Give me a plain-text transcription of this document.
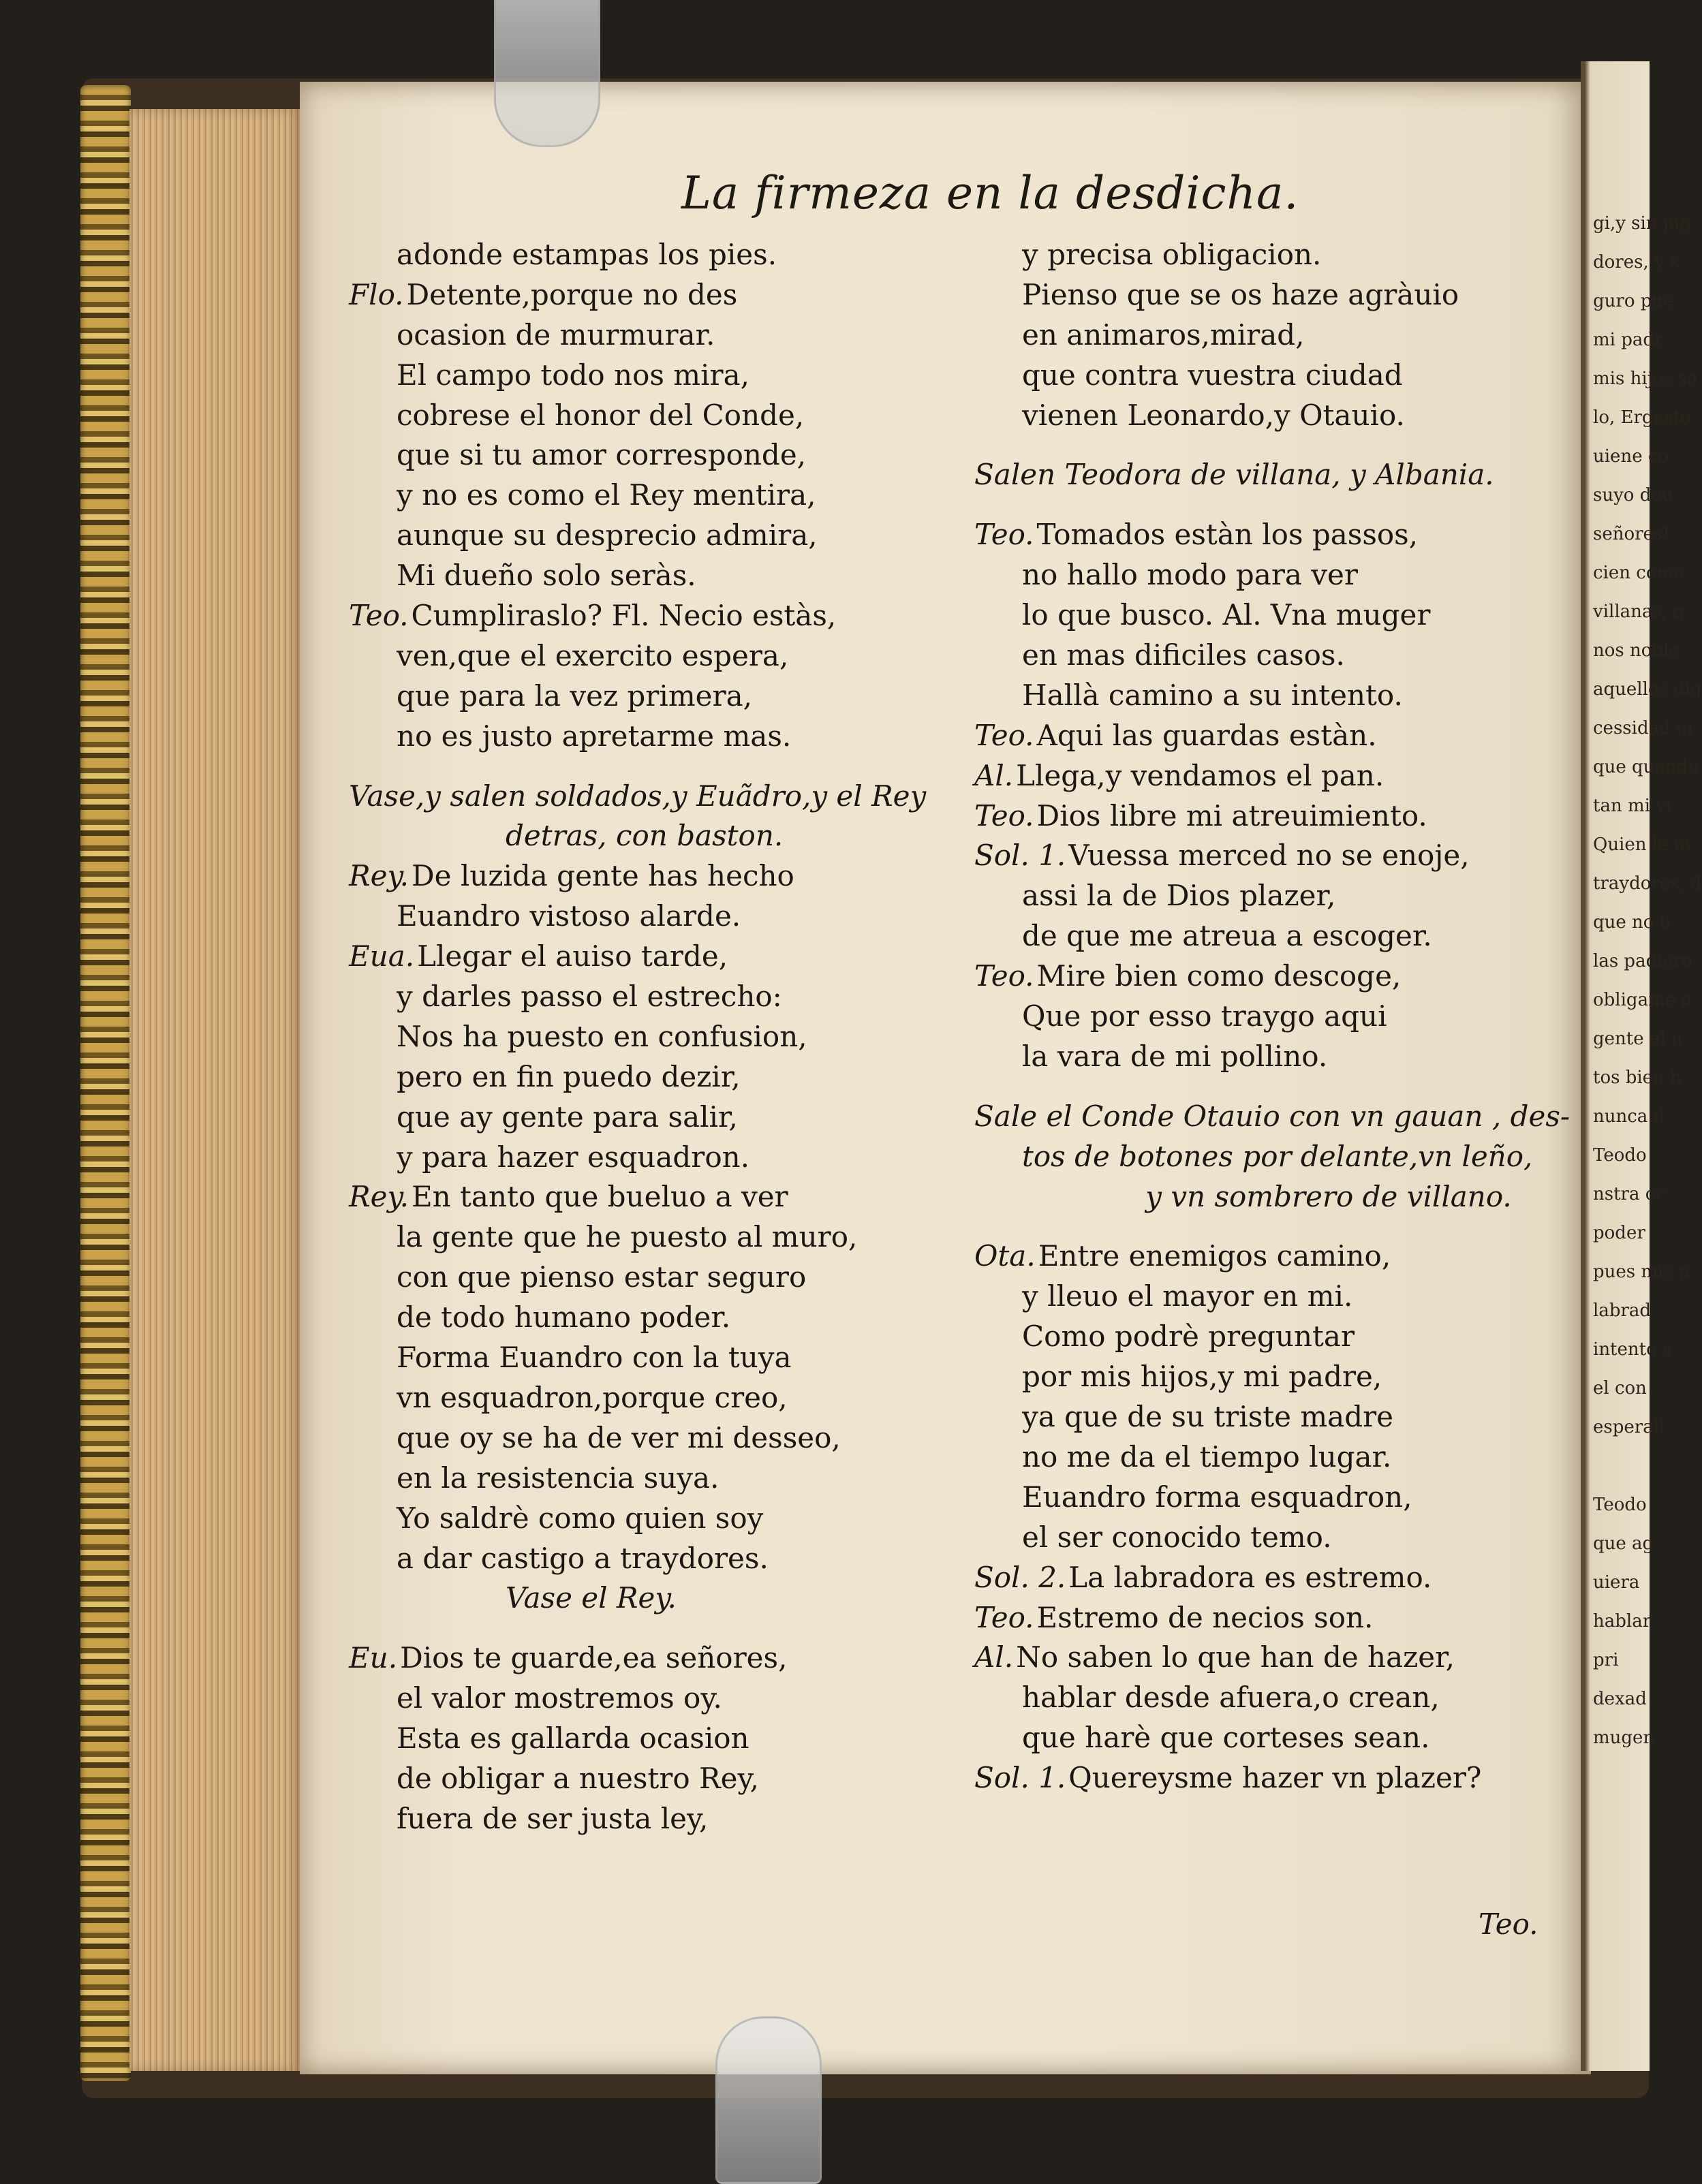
gi,y sin jug
dores, y s
guro pue
mi padr
mis hijos sa
lo, Ergasto
uiene co
suyo deu
señores!
cien como
villanas, q
nos noble
aquellos dig
cessidad m
que quando
tan mi vi
Quien le m
traydores, d
que no h
las padiera
obligame a
gente el n
tos bien h
nunca d
Teodo
nstra oc
poder
pues mis p
labrad
intento s
el con
esperall
Teodo
que ag
uiera
hablar
pri
dexad
muger,
La firmeza en la desdicha.
adonde estampas los pies.
Flo.Detente,porque no des
ocasion de murmurar.
El campo todo nos mira,
cobrese el honor del Conde,
que si tu amor corresponde,
y no es como el Rey mentira,
aunque su desprecio admira,
Mi dueño solo seràs.
Teo.Cumpliraslo? Fl. Necio estàs,
ven,que el exercito espera,
que para la vez primera,
no es justo apretarme mas.
Vase,y salen soldados,y Euãdro,y el Rey
detras, con baston.
Rey.De luzida gente has hecho
Euandro vistoso alarde.
Eua.Llegar el auiso tarde,
y darles passo el estrecho:
Nos ha puesto en confusion,
pero en fin puedo dezir,
que ay gente para salir,
y para hazer esquadron.
Rey.En tanto que bueluo a ver
la gente que he puesto al muro,
con que pienso estar seguro
de todo humano poder.
Forma Euandro con la tuya
vn esquadron,porque creo,
que oy se ha de ver mi desseo,
en la resistencia suya.
Yo saldrè como quien soy
a dar castigo a traydores.
Vase el Rey.
Eu.Dios te guarde,ea señores,
el valor mostremos oy.
Esta es gallarda ocasion
de obligar a nuestro Rey,
fuera de ser justa ley,
y precisa obligacion.
Pienso que se os haze agràuio
en animaros,mirad,
que contra vuestra ciudad
vienen Leonardo,y Otauio.
Salen Teodora de villana, y Albania.
Teo.Tomados estàn los passos,
no hallo modo para ver
lo que busco. Al. Vna muger
en mas dificiles casos.
Hallà camino a su intento.
Teo.Aqui las guardas estàn.
Al.Llega,y vendamos el pan.
Teo.Dios libre mi atreuimiento.
Sol. 1.Vuessa merced no se enoje,
assi la de Dios plazer,
de que me atreua a escoger.
Teo.Mire bien como descoge,
Que por esso traygo aqui
la vara de mi pollino.
Sale el Conde Otauio con vn gauan , des-
tos de botones por delante,vn leño,
y vn sombrero de villano.
Ota.Entre enemigos camino,
y lleuo el mayor en mi.
Como podrè preguntar
por mis hijos,y mi padre,
ya que de su triste madre
no me da el tiempo lugar.
Euandro forma esquadron,
el ser conocido temo.
Sol. 2.La labradora es estremo.
Teo.Estremo de necios son.
Al.No saben lo que han de hazer,
hablar desde afuera,o crean,
que harè que corteses sean.
Sol. 1.Quereysme hazer vn plazer?
Teo.
